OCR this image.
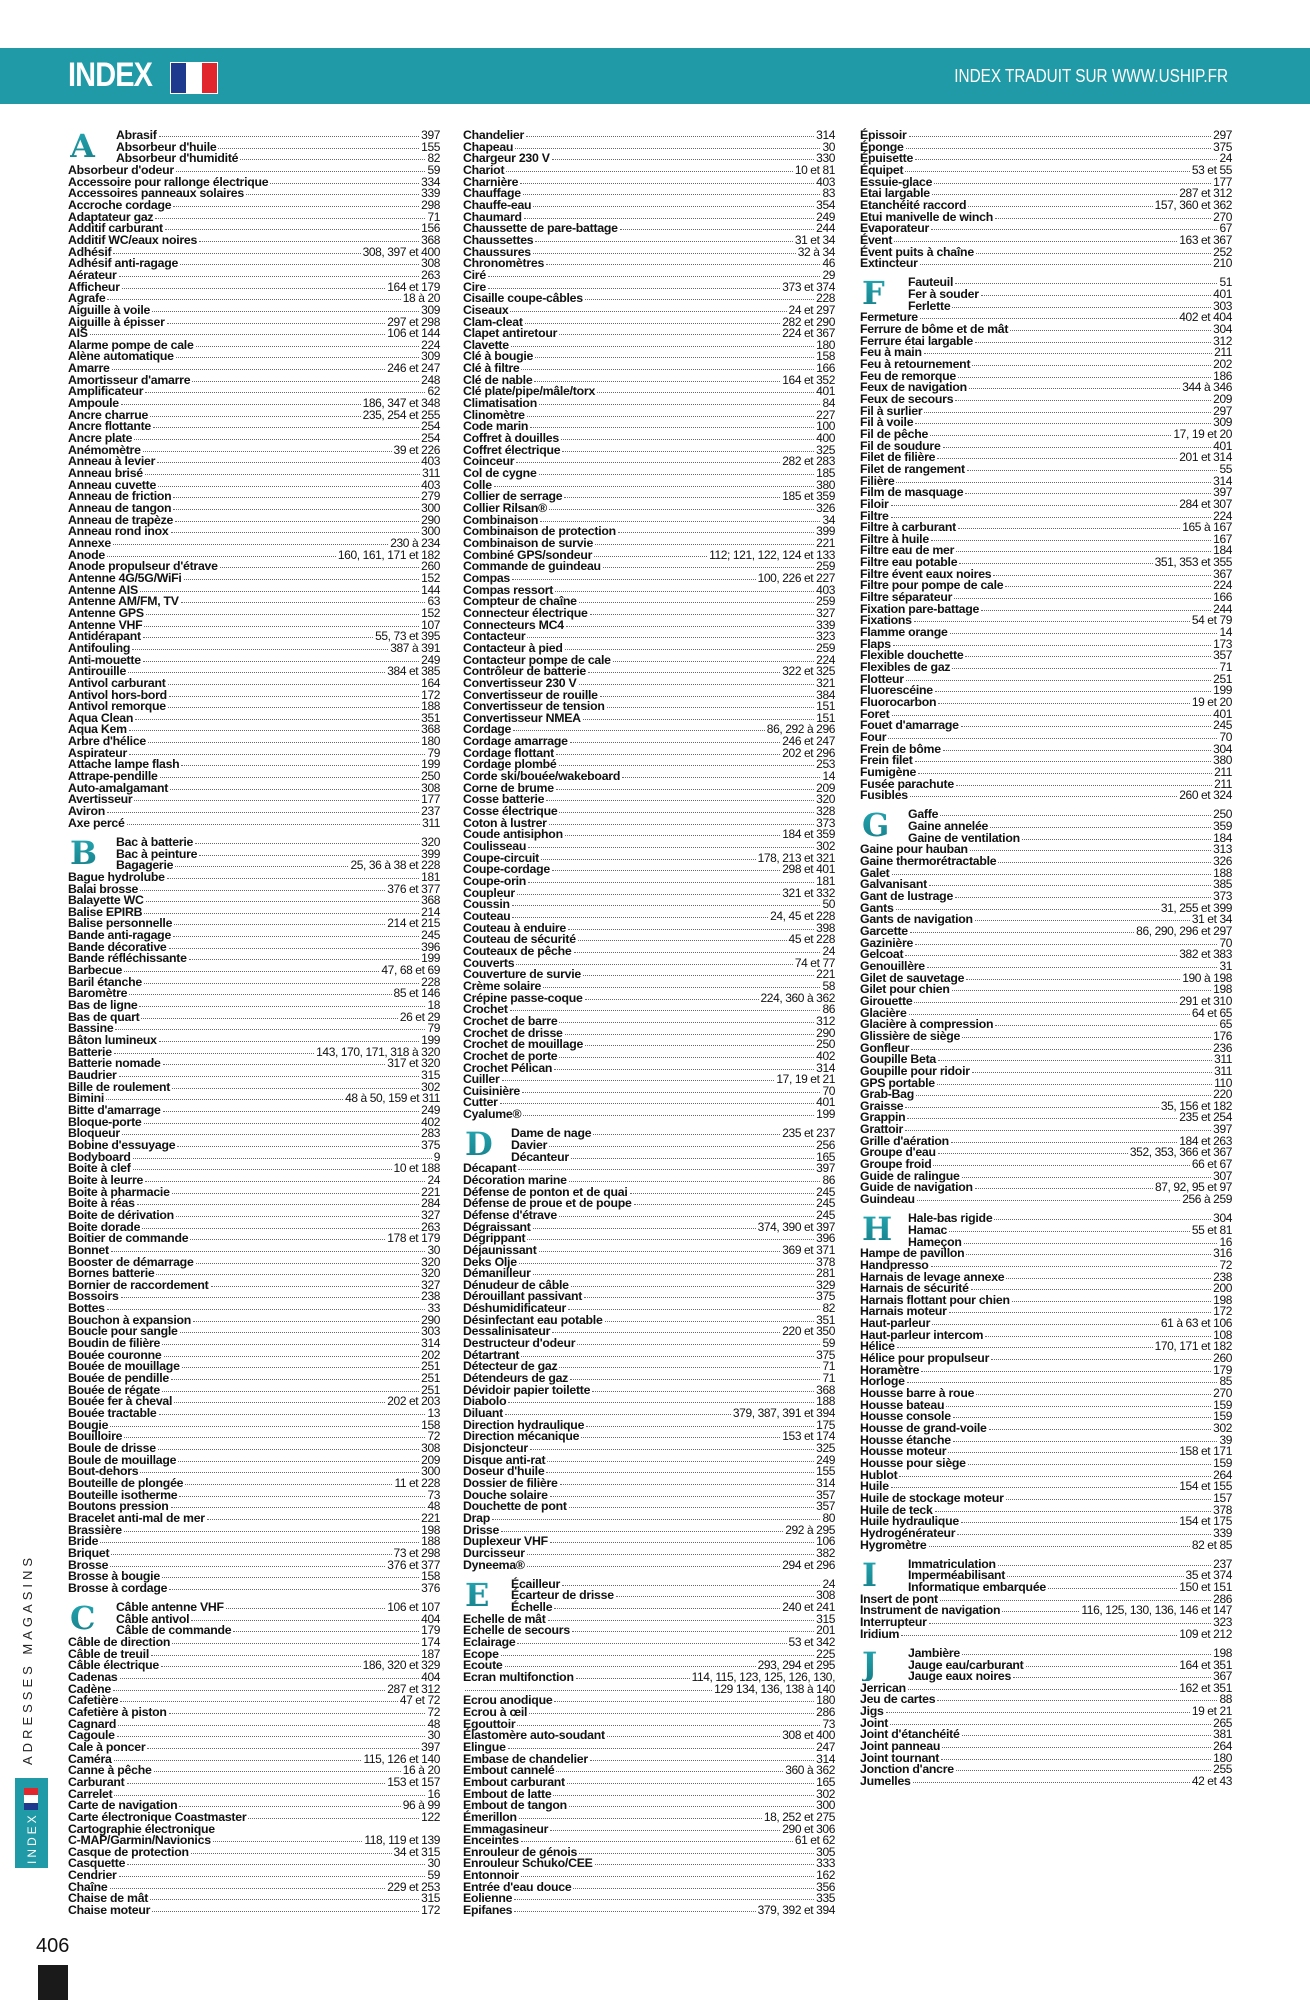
INDEX	INDEX TRADUIT SUR WWW.USHIP.FR
A	Abrasif	397
Absorbeur d'huile	155
Absorbeur d'humidité	82
Absorbeur d'odeur	59
Accessoire pour rallonge électrique	334
Accessoires panneaux solaires	339
Accroche cordage	298
Adaptateur gaz	71
Additif carburant	156
Additif WC/eaux noires	368
Adhésif	308, 397 et 400
Adhésif anti-ragage	308
Aérateur	263
Afficheur	164 et 179
Agrafe	18 à 20
Aiguille à voile	309
Aiguille à épisser	297 et 298
AIS	106 et 144
Alarme pompe de cale	224
Alène automatique	309
Amarre	246 et 247
Amortisseur d'amarre	248
Amplificateur	62
Ampoule	186, 347 et 348
Ancre charrue	235, 254 et 255
Ancre flottante	254
Ancre plate	254
Anémomètre	39 et 226
Anneau à levier	403
Anneau brisé	311
Anneau cuvette	403
Anneau de friction	279
Anneau de tangon	300
Anneau de trapèze	290
Anneau rond inox	300
Annexe	230 à 234
Anode	160, 161, 171 et 182
Anode propulseur d'étrave	260
Antenne 4G/5G/WiFi	152
Antenne AIS	144
Antenne AM/FM, TV	63
Antenne GPS	152
Antenne VHF	107
Antidérapant	55, 73 et 395
Antifouling	387 à 391
Anti-mouette	249
Antirouille	384 et 385
Antivol carburant	164
Antivol hors-bord	172
Antivol remorque	188
Aqua Clean	351
Aqua Kem	368
Arbre d'hélice	180
Aspirateur	79
Attache lampe flash	199
Attrape-pendille	250
Auto-amalgamant	308
Avertisseur	177
Aviron	237
Axe percé	311
B	Bac à batterie	320
Bac à peinture	399
Bagagerie	25, 36 à 38 et 228
Bague hydrolube	181
Balai brosse	376 et 377
Balayette WC	368
Balise EPIRB	214
Balise personnelle	214 et 215
Bande anti-ragage	245
Bande décorative	396
Bande réfléchissante	199
Barbecue	47, 68 et 69
Baril étanche	228
Baromètre	85 et 146
Bas de ligne	18
Bas de quart	26 et 29
Bassine	79
Bâton lumineux	199
Batterie	143, 170, 171, 318 à 320
Batterie nomade	317 et 320
Baudrier	315
Bille de roulement	302
Bimini	48 à 50, 159 et 311
Bitte d'amarrage	249
Bloque-porte	402
Bloqueur	283
Bobine d'essuyage	375
Bodyboard	9
Boite à clef	10 et 188
Boite à leurre	24
Boite à pharmacie	221
Boite à réas	284
Boite de dérivation	327
Boite dorade	263
Boitier de commande	178 et 179
Bonnet	30
Booster de démarrage	320
Bornes batterie	320
Bornier de raccordement	327
Bossoirs	238
Bottes	33
Bouchon à expansion	290
Boucle pour sangle	303
Boudin de filière	314
Bouée couronne	202
Bouée de mouillage	251
Bouée de pendille	251
Bouée de régate	251
Bouée fer à cheval	202 et 203
Bouée tractable	13
Bougie	158
Bouilloire	72
Boule de drisse	308
Boule de mouillage	209
Bout-dehors	300
Bouteille de plongée	11 et 228
Bouteille isotherme	73
Boutons pression	48
Bracelet anti-mal de mer	221
Brassière	198
Bride	188
Briquet	73 et 298
Brosse	376 et 377
Brosse à bougie	158
Brosse à cordage	376
C	Câble antenne VHF	106 et 107
Câble antivol	404
Câble de commande	179
Câble de direction	174
Câble de treuil	187
Câble électrique	186, 320 et 329
Cadenas	404
Cadène	287 et 312
Cafetière	47 et 72
Cafetière à piston	72
Cagnard	48
Cagoule	30
Cale à poncer	397
Caméra	115, 126 et 140
Canne à pêche	16 à 20
Carburant	153 et 157
Carrelet	16
Carte de navigation	96 à 99
Carte électronique Coastmaster	122
Cartographie électronique
C-MAP/Garmin/Navionics	118, 119 et 139
Casque de protection	34 et 315
Casquette	30
Cendrier	59
Chaîne	229 et 253
Chaise de mât	315
Chaise moteur	172
Chandelier	314
Chapeau	30
Chargeur 230 V	330
Chariot	10 et 81
Charnière	403
Chauffage	83
Chauffe-eau	354
Chaumard	249
Chaussette de pare-battage	244
Chaussettes	31 et 34
Chaussures	32 à 34
Chronomètres	46
Ciré	29
Cire	373 et 374
Cisaille coupe-câbles	228
Ciseaux	24 et 297
Clam-cleat	282 et 290
Clapet antiretour	224 et 367
Clavette	180
Clé à bougie	158
Clé à filtre	166
Clé de nable	164 et 352
Clé plate/pipe/mâle/torx	401
Climatisation	84
Clinomètre	227
Code marin	100
Coffret à douilles	400
Coffret électrique	325
Coinceur	282 et 283
Col de cygne	185
Colle	380
Collier de serrage	185 et 359
Collier Rilsan®	326
Combinaison	34
Combinaison de protection	399
Combinaison de survie	221
Combiné GPS/sondeur	112; 121, 122, 124 et 133
Commande de guindeau	259
Compas	100, 226 et 227
Compas ressort	403
Compteur de chaîne	259
Connecteur électrique	327
Connecteurs MC4	339
Contacteur	323
Contacteur à pied	259
Contacteur pompe de cale	224
Contrôleur de batterie	322 et 325
Convertisseur 230 V	321
Convertisseur de rouille	384
Convertisseur de tension	151
Convertisseur NMEA	151
Cordage	86, 292 à 296
Cordage amarrage	246 et 247
Cordage flottant	202 et 296
Cordage plombé	253
Corde ski/bouée/wakeboard	14
Corne de brume	209
Cosse batterie	320
Cosse électrique	328
Coton à lustrer	373
Coude antisiphon	184 et 359
Coulisseau	302
Coupe-circuit	178, 213 et 321
Coupe-cordage	298 et 401
Coupe-orin	181
Coupleur	321 et 332
Coussin	50
Couteau	24, 45 et 228
Couteau à enduire	398
Couteau de sécurité	45 et 228
Couteaux de pêche	24
Couverts	74 et 77
Couverture de survie	221
Crème solaire	58
Crépine passe-coque	224, 360 à 362
Crochet	86
Crochet de barre	312
Crochet de drisse	290
Crochet de mouillage	250
Crochet de porte	402
Crochet Pélican	314
Cuiller	17, 19 et 21
Cuisinière	70
Cutter	401
Cyalume®	199
D	Dame de nage	235 et 237
Davier	256
Décanteur	165
Décapant	397
Décoration marine	86
Défense de ponton et de quai	245
Défense de proue et de poupe	245
Défense d'étrave	245
Dégraissant	374, 390 et 397
Dégrippant	396
Déjaunissant	369 et 371
Deks Olje	378
Démanilleur	281
Dénudeur de câble	329
Dérouillant passivant	375
Déshumidificateur	82
Désinfectant eau potable	351
Dessalinisateur	220 et 350
Destructeur d'odeur	59
Détartrant	375
Détecteur de gaz	71
Détendeurs de gaz	71
Dévidoir papier toilette	368
Diabolo	188
Diluant	379, 387, 391 et 394
Direction hydraulique	175
Direction mécanique	153 et 174
Disjoncteur	325
Disque anti-rat	249
Doseur d'huile	155
Dossier de filière	314
Douche solaire	357
Douchette de pont	357
Drap	80
Drisse	292 à 295
Duplexeur VHF	106
Durcisseur	382
Dyneema®	294 et 296
E	Écailleur	24
Écarteur de drisse	308
Échelle	240 et 241
Echelle de mât	315
Echelle de secours	201
Eclairage	53 et 342
Ecope	225
Ecoute	293, 294 et 295
Ecran multifonction	114, 115, 123, 125, 126, 130,
129 134, 136, 138 à 140
Ecrou anodique	180
Ecrou à œil	286
Egouttoir	73
Élastomère auto-soudant	308 et 400
Elingue	247
Embase de chandelier	314
Embout cannelé	360 à 362
Embout carburant	165
Embout de latte	302
Embout de tangon	300
Émerillon	18, 252 et 275
Emmagasineur	290 et 306
Enceintes	61 et 62
Enrouleur de génois	305
Enrouleur Schuko/CEE	333
Entonnoir	162
Entrée d'eau douce	356
Eolienne	335
Epifanes	379, 392 et 394
Épissoir	297
Éponge	375
Épuisette	24
Équipet	53 et 55
Essuie-glace	177
Etai largable	287 et 312
Etanchéité raccord	157, 360 et 362
Etui manivelle de winch	270
Evaporateur	67
Évent	163 et 367
Évent puits à chaîne	252
Extincteur	210
F	Fauteuil	51
Fer à souder	401
Ferlette	303
Fermeture	402 et 404
Ferrure de bôme et de mât	304
Ferrure étai largable	312
Feu à main	211
Feu à retournement	202
Feu de remorque	186
Feux de navigation	344 à 346
Feux de secours	209
Fil à surlier	297
Fil à voile	309
Fil de pêche	17, 19 et 20
Fil de soudure	401
Filet de filière	201 et 314
Filet de rangement	55
Filière	314
Film de masquage	397
Filoir	284 et 307
Filtre	224
Filtre à carburant	165 à 167
Filtre à huile	167
Filtre eau de mer	184
Filtre eau potable	351, 353 et 355
Filtre évent eaux noires	367
Filtre pour pompe de cale	224
Filtre séparateur	166
Fixation pare-battage	244
Fixations	54 et 79
Flamme orange	14
Flaps	173
Flexible douchette	357
Flexibles de gaz	71
Flotteur	251
Fluorescéine	199
Fluorocarbon	19 et 20
Foret	401
Fouet d'amarrage	245
Four	70
Frein de bôme	304
Frein filet	380
Fumigène	211
Fusée parachute	211
Fusibles	260 et 324
G	Gaffe	250
Gaine annelée	359
Gaine de ventilation	184
Gaine pour hauban	313
Gaine thermorétractable	326
Galet	188
Galvanisant	385
Gant de lustrage	373
Gants	31, 255 et 399
Gants de navigation	31 et 34
Garcette	86, 290, 296 et 297
Gazinière	70
Gelcoat	382 et 383
Genouillère	31
Gilet de sauvetage	190 à 198
Gilet pour chien	198
Girouette	291 et 310
Glacière	64 et 65
Glacière à compression	65
Glissière de siège	176
Gonfleur	236
Goupille Beta	311
Goupille pour ridoir	311
GPS portable	110
Grab-Bag	220
Graisse	35, 156 et 182
Grappin	235 et 254
Grattoir	397
Grille d'aération	184 et 263
Groupe d'eau	352, 353, 366 et 367
Groupe froid	66 et 67
Guide de ralingue	307
Guide de navigation	87, 92, 95 et 97
Guindeau	256 à 259
H	Hale-bas rigide	304
Hamac	55 et 81
Hameçon	16
Hampe de pavillon	316
Handpresso	72
Harnais de levage annexe	238
Harnais de sécurité	200
Harnais flottant pour chien	198
Harnais moteur	172
Haut-parleur	61 à 63 et 106
Haut-parleur intercom	108
Hélice	170, 171 et 182
Hélice pour propulseur	260
Horamètre	179
Horloge	85
Housse barre à roue	270
Housse bateau	159
Housse console	159
Housse de grand-voile	302
Housse étanche	39
Housse moteur	158 et 171
Housse pour siège	159
Hublot	264
Huile	154 et 155
Huile de stockage moteur	157
Huile de teck	378
Huile hydraulique	154 et 175
Hydrogénérateur	339
Hygromètre	82 et 85
I	Immatriculation	237
Imperméabilisant	35 et 374
Informatique embarquée	150 et 151
Insert de pont	286
Instrument de navigation	116, 125, 130, 136, 146 et 147
Interrupteur	323
Iridium	109 et 212
J	Jambière	198
Jauge eau/carburant	164 et 351
Jauge eaux noires	367
Jerrican	162 et 351
Jeu de cartes	88
Jigs	19 et 21
Joint	265
Joint d'étanchéité	381
Joint panneau	264
Joint tournant	180
Jonction d'ancre	255
Jumelles	42 et 43
ADRESSES MAGASINS
INDEX
406
